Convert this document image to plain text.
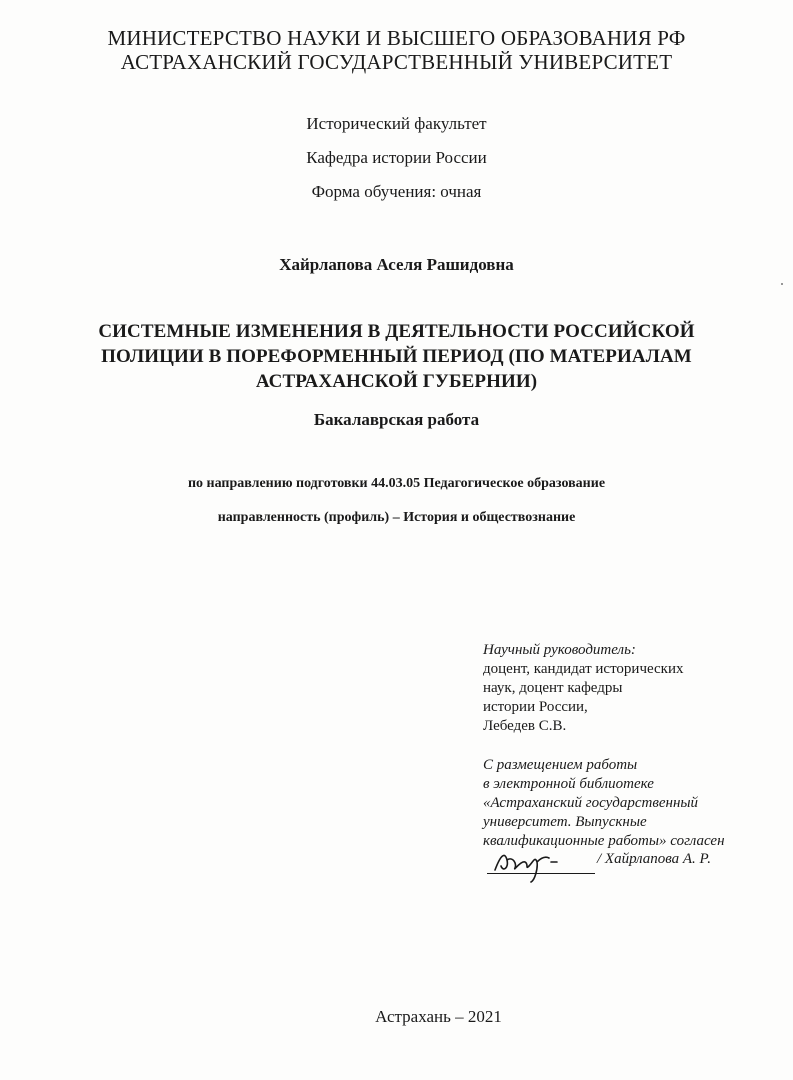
МИНИСТЕРСТВО НАУКИ И ВЫСШЕГО ОБРАЗОВАНИЯ РФ
АСТРАХАНСКИЙ ГОСУДАРСТВЕННЫЙ УНИВЕРСИТЕТ
Исторический факультет
Кафедра истории России
Форма обучения: очная
Хайрлапова Аселя Рашидовна
СИСТЕМНЫЕ ИЗМЕНЕНИЯ В ДЕЯТЕЛЬНОСТИ РОССИЙСКОЙ
ПОЛИЦИИ В ПОРЕФОРМЕННЫЙ ПЕРИОД (ПО МАТЕРИАЛАМ
АСТРАХАНСКОЙ ГУБЕРНИИ)
Бакалаврская работа
по направлению подготовки 44.03.05 Педагогическое образование
направленность (профиль) – История и обществознание
Научный руководитель:
доцент, кандидат исторических
наук, доцент кафедры
истории России,
Лебедев С.В.
С размещением работы
в электронной библиотеке
«Астраханский государственный
университет. Выпускные
квалификационные работы» согласен
/ Хайрлапова А. Р.
Астрахань – 2021
